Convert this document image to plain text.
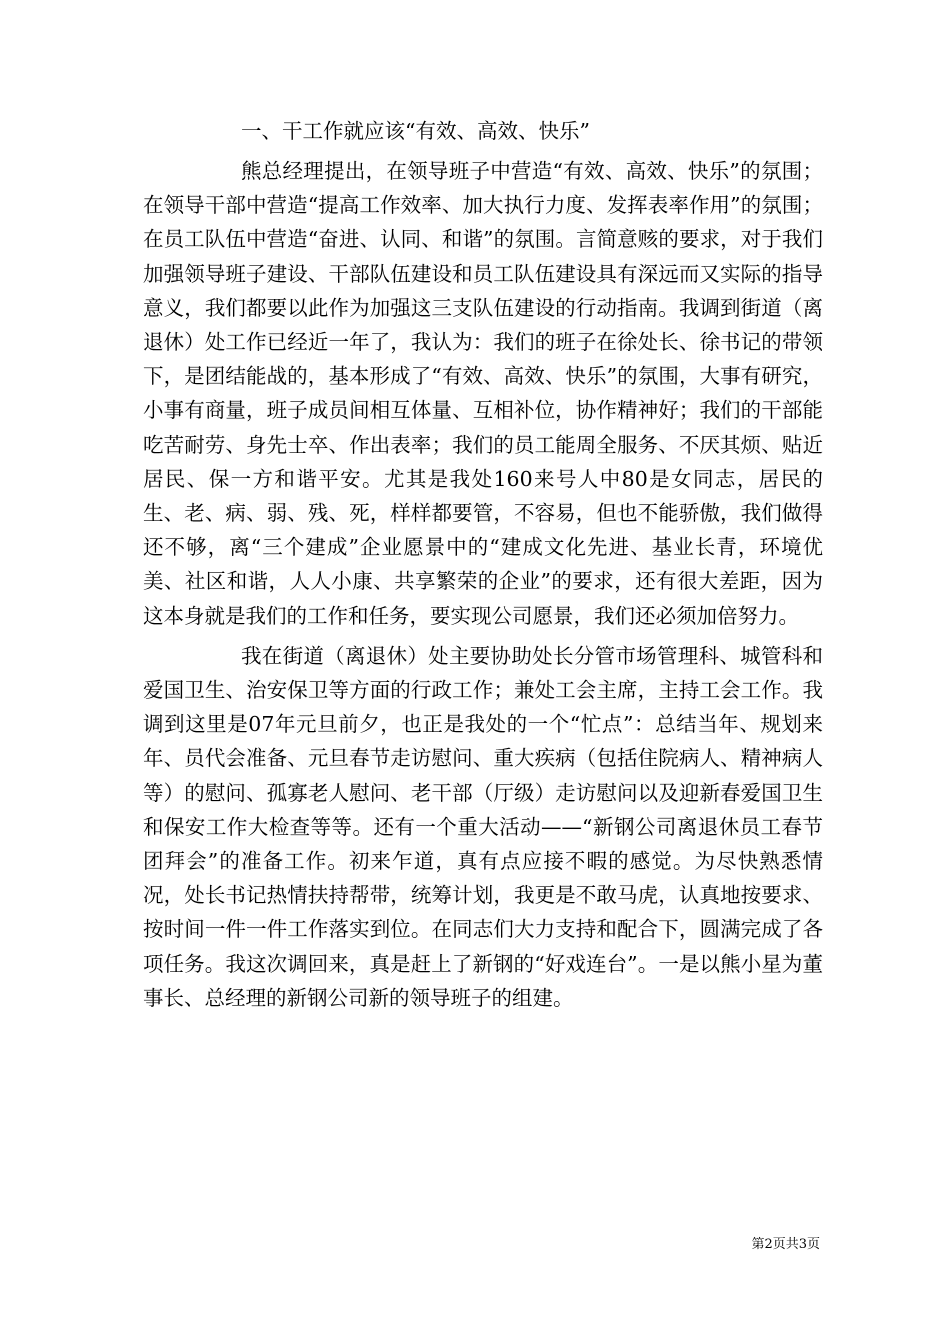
一、干工作就应该“有效、高效、快乐”

熊总经理提出，在领导班子中营造“有效、高效、快乐”的氛围；在领导干部中营造“提高工作效率、加大执行力度、发挥表率作用”的氛围；在员工队伍中营造“奋进、认同、和谐”的氛围。言简意赅的要求，对于我们加强领导班子建设、干部队伍建设和员工队伍建设具有深远而又实际的指导意义，我们都要以此作为加强这三支队伍建设的行动指南。我调到街道（离退休）处工作已经近一年了，我认为：我们的班子在徐处长、徐书记的带领下，是团结能战的，基本形成了“有效、高效、快乐”的氛围，大事有研究，小事有商量，班子成员间相互体量、互相补位，协作精神好；我们的干部能吃苦耐劳、身先士卒、作出表率；我们的员工能周全服务、不厌其烦、贴近居民、保一方和谐平安。尤其是我处160来号人中80是女同志，居民的生、老、病、弱、残、死，样样都要管，不容易，但也不能骄傲，我们做得还不够，离“三个建成”企业愿景中的“建成文化先进、基业长青，环境优美、社区和谐，人人小康、共享繁荣的企业”的要求，还有很大差距，因为这本身就是我们的工作和任务，要实现公司愿景，我们还必须加倍努力。

我在街道（离退休）处主要协助处长分管市场管理科、城管科和爱国卫生、治安保卫等方面的行政工作；兼处工会主席，主持工会工作。我调到这里是07年元旦前夕，也正是我处的一个“忙点”：总结当年、规划来年、员代会准备、元旦春节走访慰问、重大疾病（包括住院病人、精神病人等）的慰问、孤寡老人慰问、老干部（厅级）走访慰问以及迎新春爱国卫生和保安工作大检查等等。还有一个重大活动——“新钢公司离退休员工春节团拜会”的准备工作。初来乍道，真有点应接不暇的感觉。为尽快熟悉情况，处长书记热情扶持帮带，统筹计划，我更是不敢马虎，认真地按要求、按时间一件一件工作落实到位。在同志们大力支持和配合下，圆满完成了各项任务。我这次调回来，真是赶上了新钢的“好戏连台”。一是以熊小星为董事长、总经理的新钢公司新的领导班子的组建。

第2页共3页
